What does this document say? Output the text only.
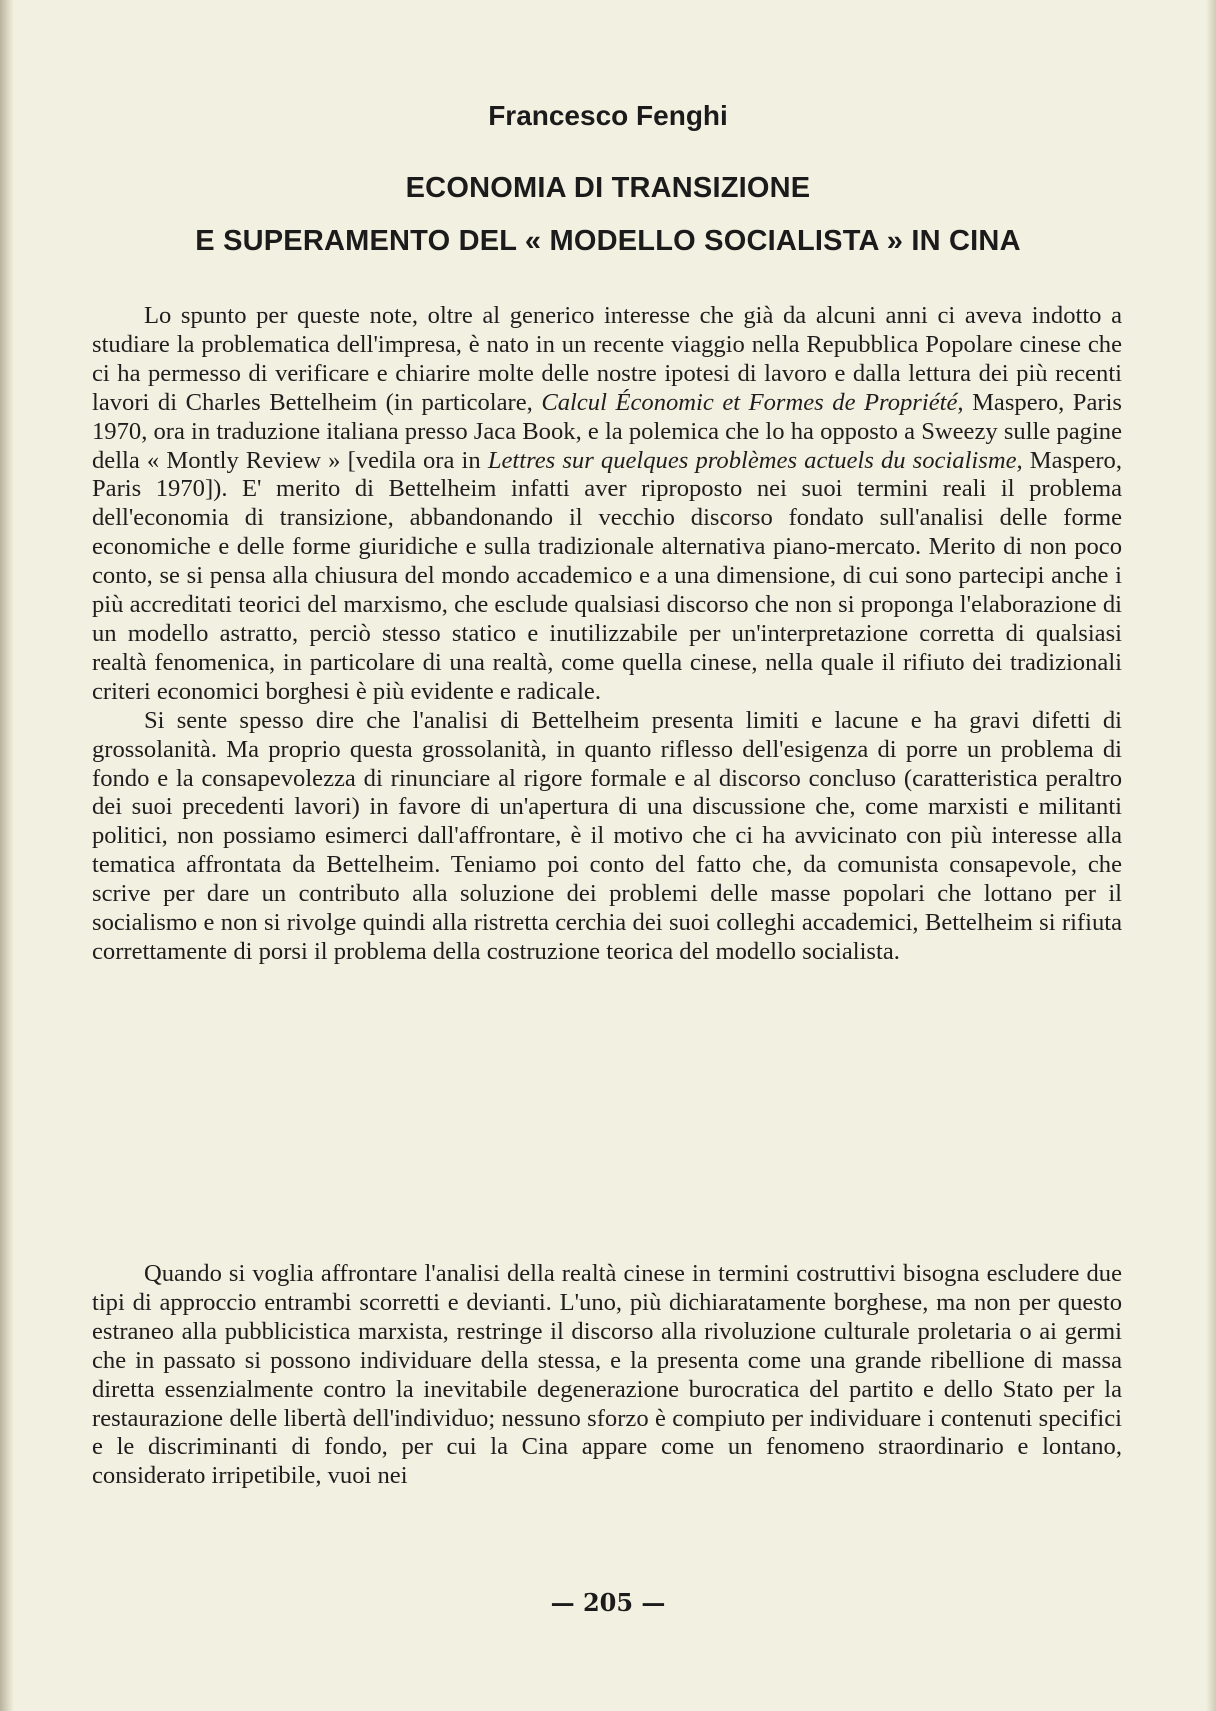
Francesco Fenghi
ECONOMIA DI TRANSIZIONE
E SUPERAMENTO DEL « MODELLO SOCIALISTA » IN CINA

Lo spunto per queste note, oltre al generico interesse che già da alcuni anni ci aveva indotto a studiare la problematica dell'impresa, è nato in un recente viaggio nella Repubblica Popolare cinese che ci ha permesso di verificare e chiarire molte delle nostre ipotesi di lavoro e dalla lettura dei più recenti lavori di Charles Bettelheim (in particolare, Calcul Économic et Formes de Propriété, Maspero, Paris 1970, ora in traduzione italiana presso Jaca Book, e la polemica che lo ha opposto a Sweezy sulle pagine della « Montly Review » [vedila ora in Lettres sur quelques problèmes actuels du socialisme, Maspero, Paris 1970]). E' merito di Bettelheim infatti aver riproposto nei suoi termini reali il problema dell'economia di transizione, abbandonando il vecchio discorso fondato sull'analisi delle forme economiche e delle forme giuridiche e sulla tradizionale alternativa piano-mercato. Merito di non poco conto, se si pensa alla chiusura del mondo accademico e a una dimensione, di cui sono partecipi anche i più accreditati teorici del marxismo, che esclude qualsiasi discorso che non si proponga l'elaborazione di un modello astratto, perciò stesso statico e inutilizzabile per un'interpretazione corretta di qualsiasi realtà fenomenica, in particolare di una realtà, come quella cinese, nella quale il rifiuto dei tradizionali criteri economici borghesi è più evidente e radicale.

Si sente spesso dire che l'analisi di Bettelheim presenta limiti e lacune e ha gravi difetti di grossolanità. Ma proprio questa grossolanità, in quanto riflesso dell'esigenza di porre un problema di fondo e la consapevolezza di rinunciare al rigore formale e al discorso concluso (caratteristica peraltro dei suoi precedenti lavori) in favore di un'apertura di una discussione che, come marxisti e militanti politici, non possiamo esimerci dall'affrontare, è il motivo che ci ha avvicinato con più interesse alla tematica affrontata da Bettelheim. Teniamo poi conto del fatto che, da comunista consapevole, che scrive per dare un contributo alla soluzione dei problemi delle masse popolari che lottano per il socialismo e non si rivolge quindi alla ristretta cerchia dei suoi colleghi accademici, Bettelheim si rifiuta correttamente di porsi il problema della costruzione teorica del modello socialista.

Quando si voglia affrontare l'analisi della realtà cinese in termini costruttivi bisogna escludere due tipi di approccio entrambi scorretti e devianti. L'uno, più dichiaratamente borghese, ma non per questo estraneo alla pubblicistica marxista, restringe il discorso alla rivoluzione culturale proletaria o ai germi che in passato si possono individuare della stessa, e la presenta come una grande ribellione di massa diretta essenzialmente contro la inevitabile degenerazione burocratica del partito e dello Stato per la restaurazione delle libertà dell'individuo; nessuno sforzo è compiuto per individuare i contenuti specifici e le discriminanti di fondo, per cui la Cina appare come un fenomeno straordinario e lontano, considerato irripetibile, vuoi nei

— 205 —
